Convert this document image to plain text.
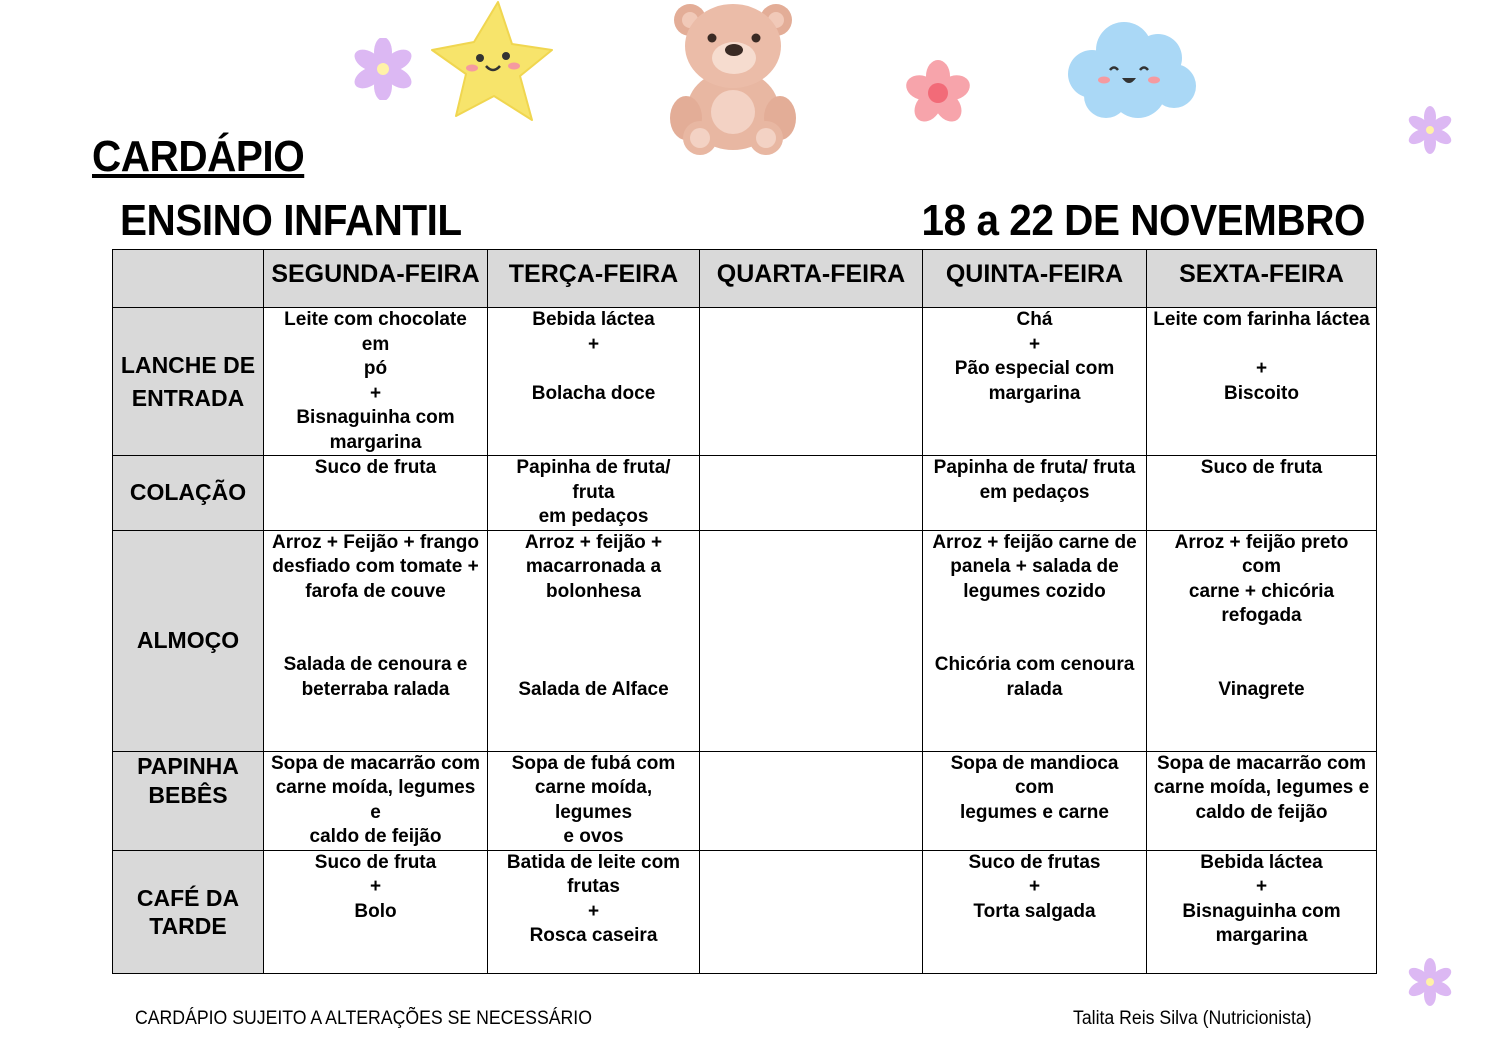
CARDÁPIO
ENSINO INFANTIL	18 a 22 DE NOVEMBRO
	SEGUNDA-FEIRA	TERÇA-FEIRA	QUARTA-FEIRA	QUINTA-FEIRA	SEXTA-FEIRA
LANCHE DE
ENTRADA	Leite com chocolate em
pó
+
Bisnaguinha com
margarina	Bebida láctea
+

Bolacha doce		Chá
+
Pão especial com
margarina	Leite com farinha láctea

+
Biscoito
COLAÇÃO	Suco de fruta	Papinha de fruta/ fruta
em pedaços		Papinha de fruta/ fruta
em pedaços	Suco de fruta
ALMOÇO	Arroz + Feijão + frango
desfiado com tomate +
farofa de couve

Salada de cenoura e
beterraba ralada	Arroz + feijão +
macarronada a
bolonhesa

Salada de Alface		Arroz + feijão carne de
panela + salada de
legumes cozido

Chicória com cenoura
ralada	Arroz + feijão preto com
carne + chicória
refogada

Vinagrete
PAPINHA
BEBÊS	Sopa de macarrão com
carne moída, legumes e
caldo de feijão	Sopa de fubá com
carne moída, legumes
e ovos		Sopa de mandioca com
legumes e carne	Sopa de macarrão com
carne moída, legumes e
caldo de feijão
CAFÉ DA
TARDE	Suco de fruta
+
Bolo	Batida de leite com
frutas
+
Rosca caseira		Suco de frutas
+
Torta salgada	Bebida láctea
+
Bisnaguinha com
margarina
CARDÁPIO SUJEITO A ALTERAÇÕES SE NECESSÁRIO	Talita Reis Silva (Nutricionista)
